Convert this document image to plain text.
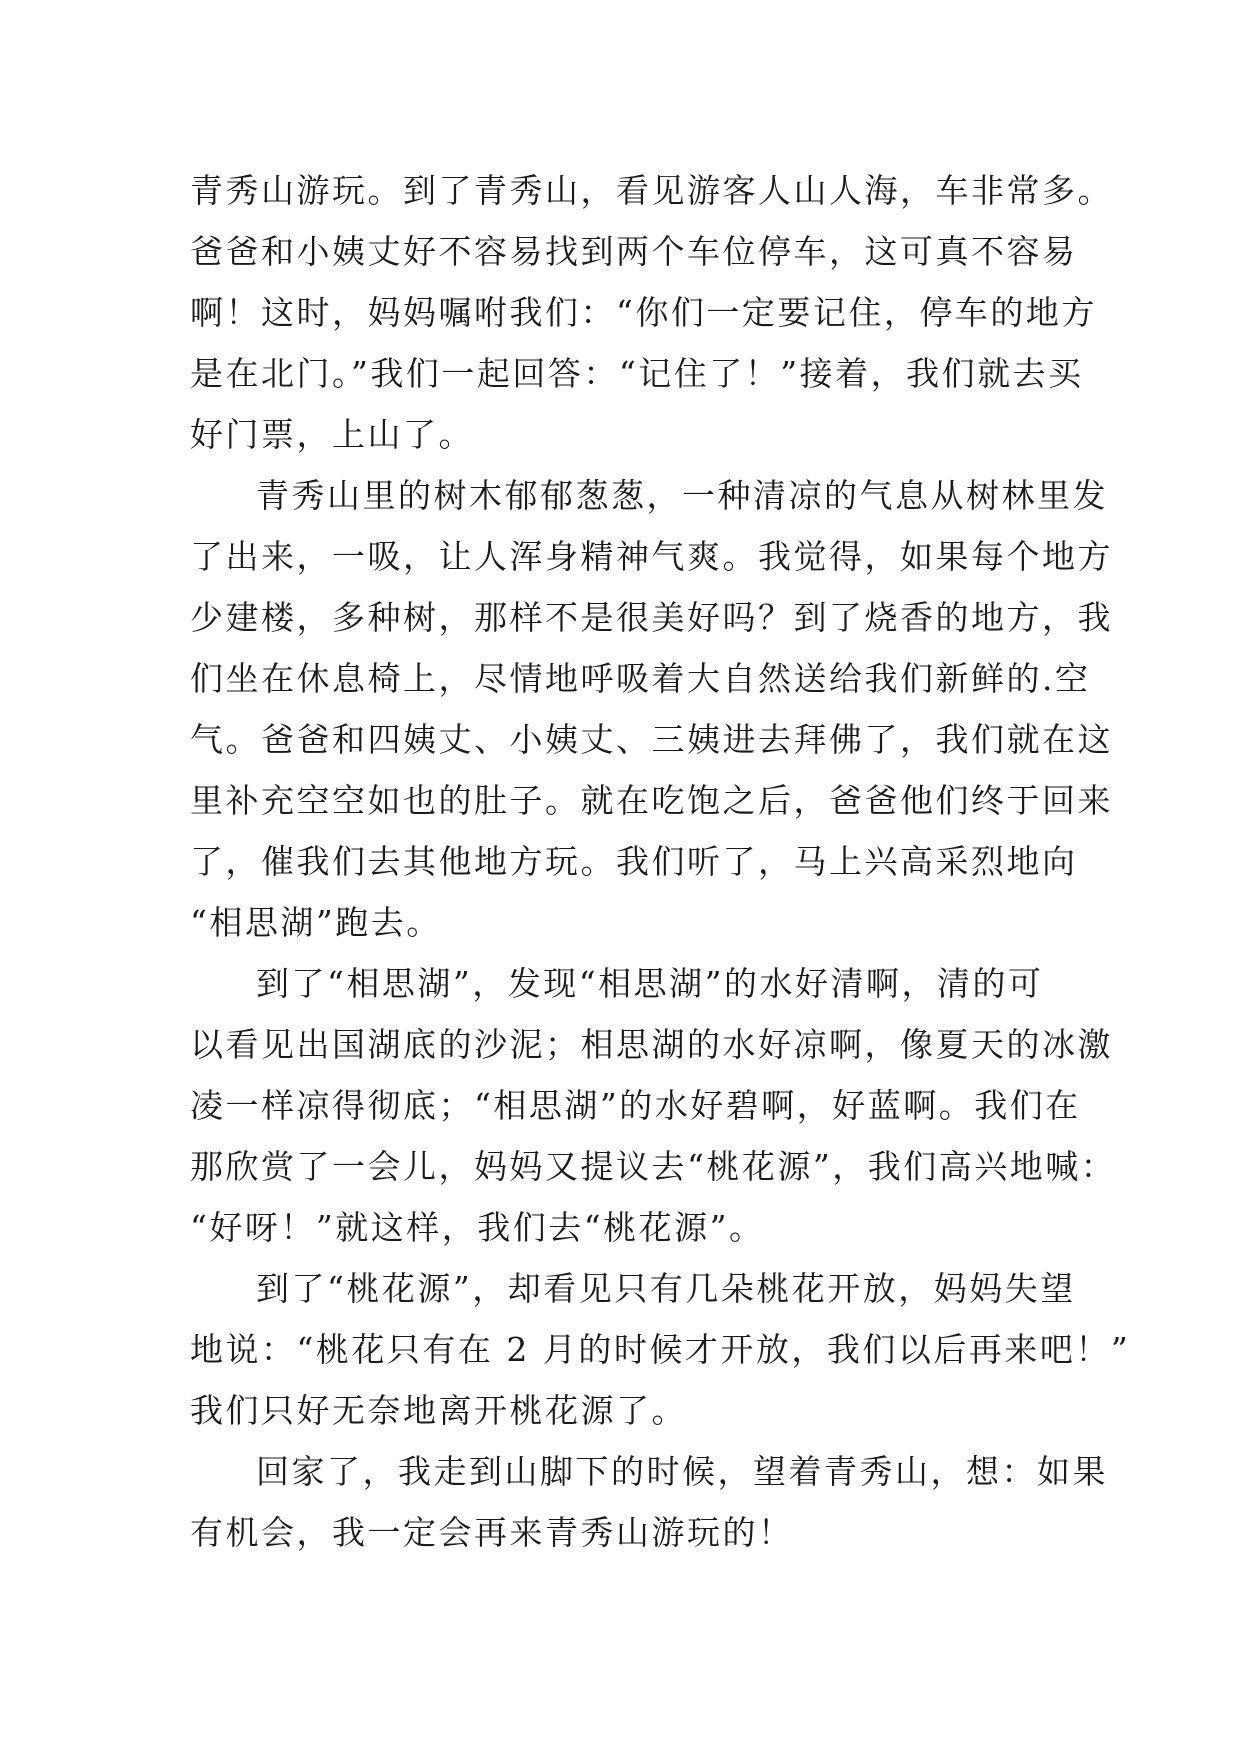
青秀山游玩。到了青秀山，看见游客人山人海，车非常多。
爸爸和小姨丈好不容易找到两个车位停车，这可真不容易
啊！这时，妈妈嘱咐我们：“你们一定要记住，停车的地方
是在北门。”我们一起回答：“记住了！”接着，我们就去买
好门票，上山了。
青秀山里的树木郁郁葱葱，一种清凉的气息从树林里发
了出来，一吸，让人浑身精神气爽。我觉得，如果每个地方
少建楼，多种树，那样不是很美好吗？到了烧香的地方，我
们坐在休息椅上，尽情地呼吸着大自然送给我们新鲜的.空
气。爸爸和四姨丈、小姨丈、三姨进去拜佛了，我们就在这
里补充空空如也的肚子。就在吃饱之后，爸爸他们终于回来
了，催我们去其他地方玩。我们听了，马上兴高采烈地向
“相思湖”跑去。
到了“相思湖”，发现“相思湖”的水好清啊，清的可
以看见出国湖底的沙泥；相思湖的水好凉啊，像夏天的冰激
凌一样凉得彻底；“相思湖”的水好碧啊，好蓝啊。我们在
那欣赏了一会儿，妈妈又提议去“桃花源”，我们高兴地喊：
“好呀！”就这样，我们去“桃花源”。
到了“桃花源”，却看见只有几朵桃花开放，妈妈失望
地说：“桃花只有在 2 月的时候才开放，我们以后再来吧！”
我们只好无奈地离开桃花源了。
回家了，我走到山脚下的时候，望着青秀山，想：如果
有机会，我一定会再来青秀山游玩的！
